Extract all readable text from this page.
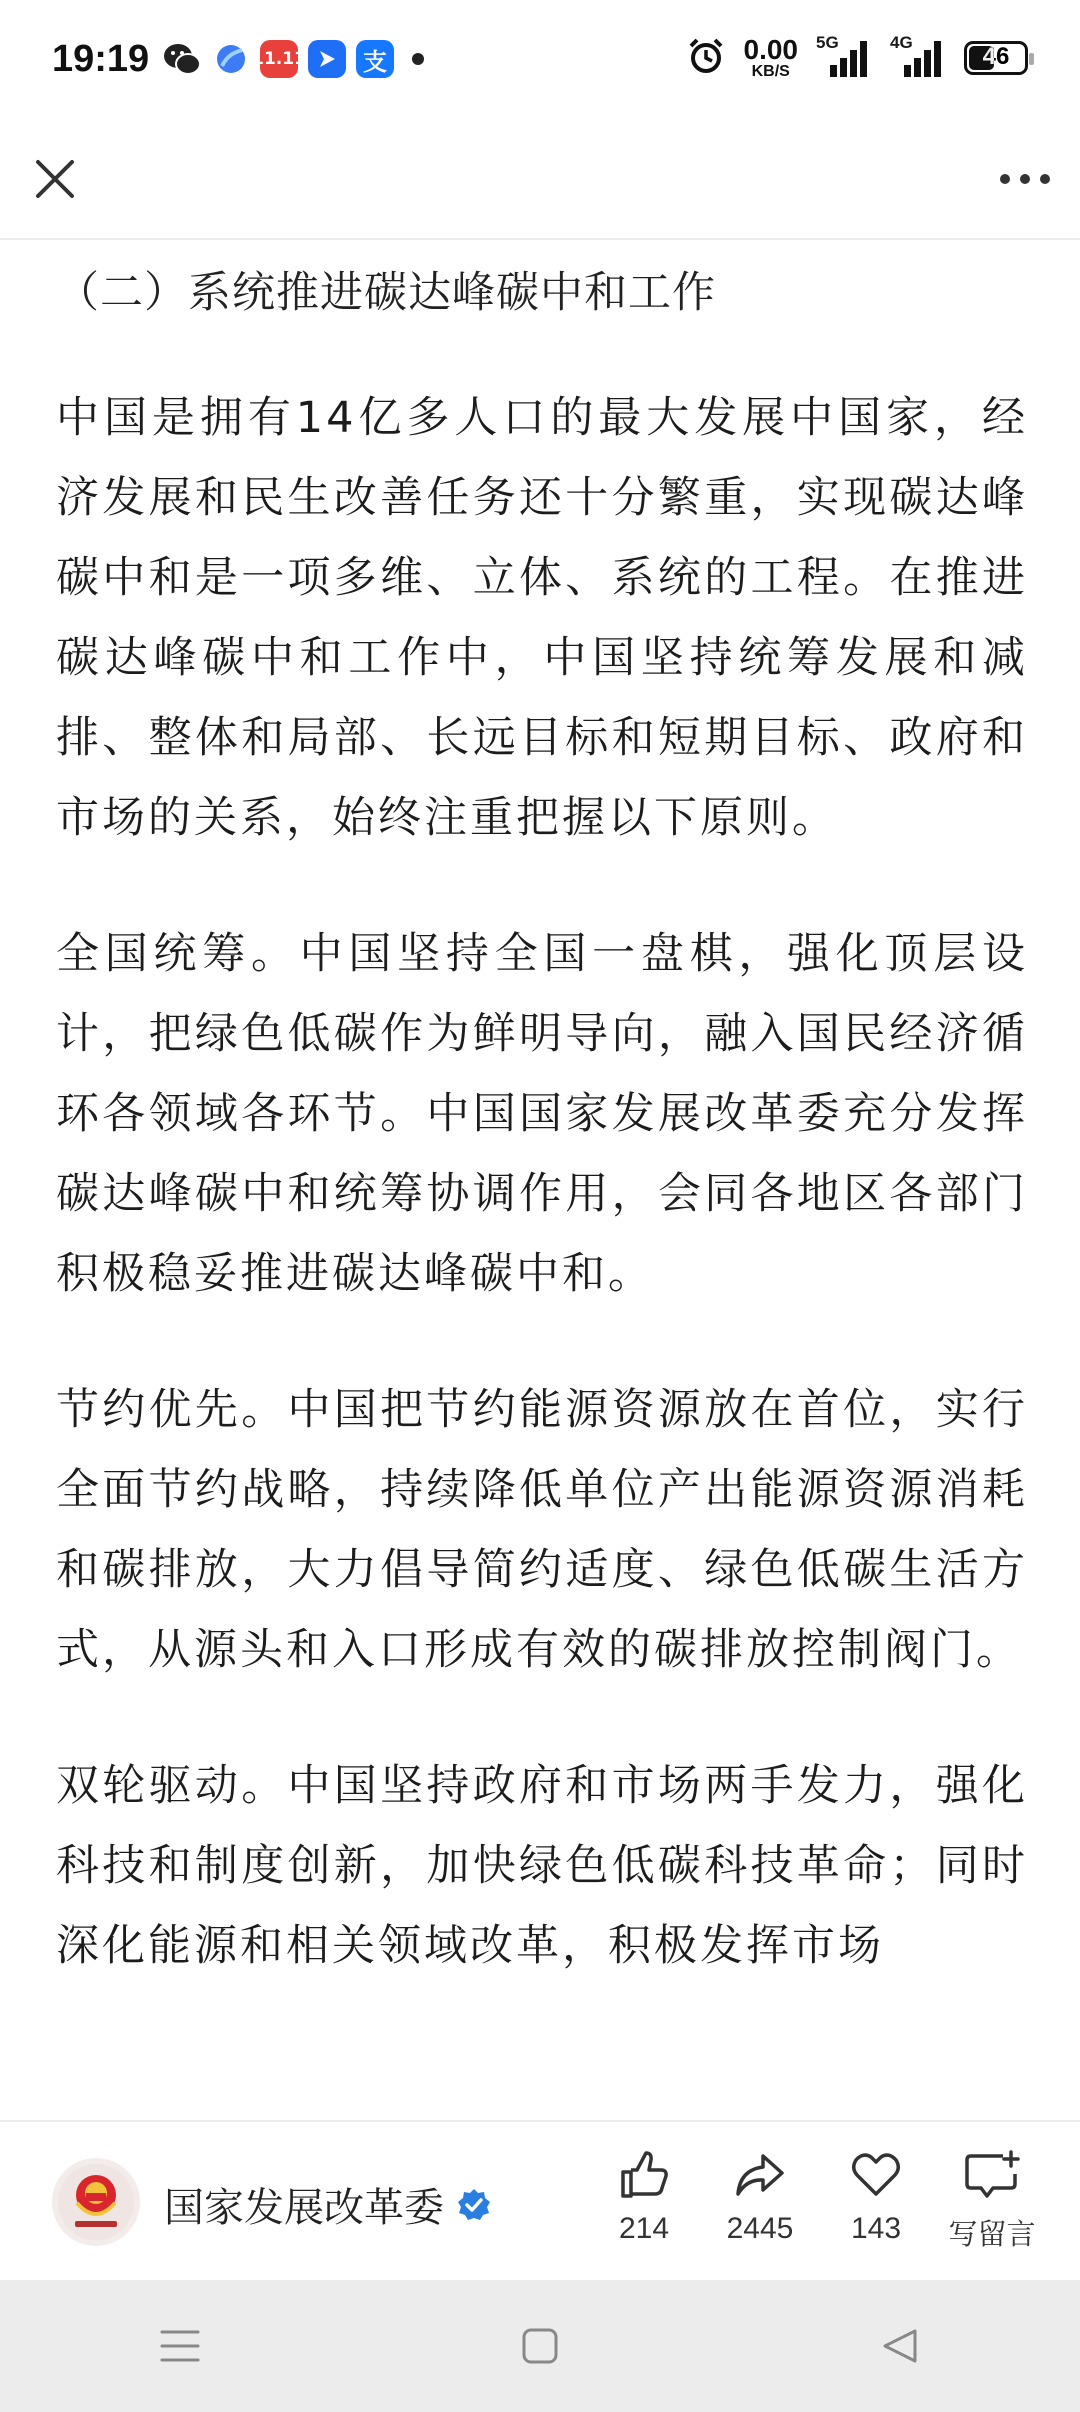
19:19	11.11 支	0.00
KB/S
5G	4G
46
（二）系统推进碳达峰碳中和工作

中国是拥有14亿多人口的最大发展中国家，经济发展和民生改善任务还十分繁重，实现碳达峰碳中和是一项多维、立体、系统的工程。在推进碳达峰碳中和工作中，中国坚持统筹发展和减排、整体和局部、长远目标和短期目标、政府和市场的关系，始终注重把握以下原则。

全国统筹。中国坚持全国一盘棋，强化顶层设计，把绿色低碳作为鲜明导向，融入国民经济循环各领域各环节。中国国家发展改革委充分发挥碳达峰碳中和统筹协调作用，会同各地区各部门积极稳妥推进碳达峰碳中和。

节约优先。中国把节约能源资源放在首位，实行全面节约战略，持续降低单位产出能源资源消耗和碳排放，大力倡导简约适度、绿色低碳生活方式，从源头和入口形成有效的碳排放控制阀门。

双轮驱动。中国坚持政府和市场两手发力，强化科技和制度创新，加快绿色低碳科技革命；同时深化能源和相关领域改革，积极发挥市场

国家发展改革委	214 2445 143 写留言
